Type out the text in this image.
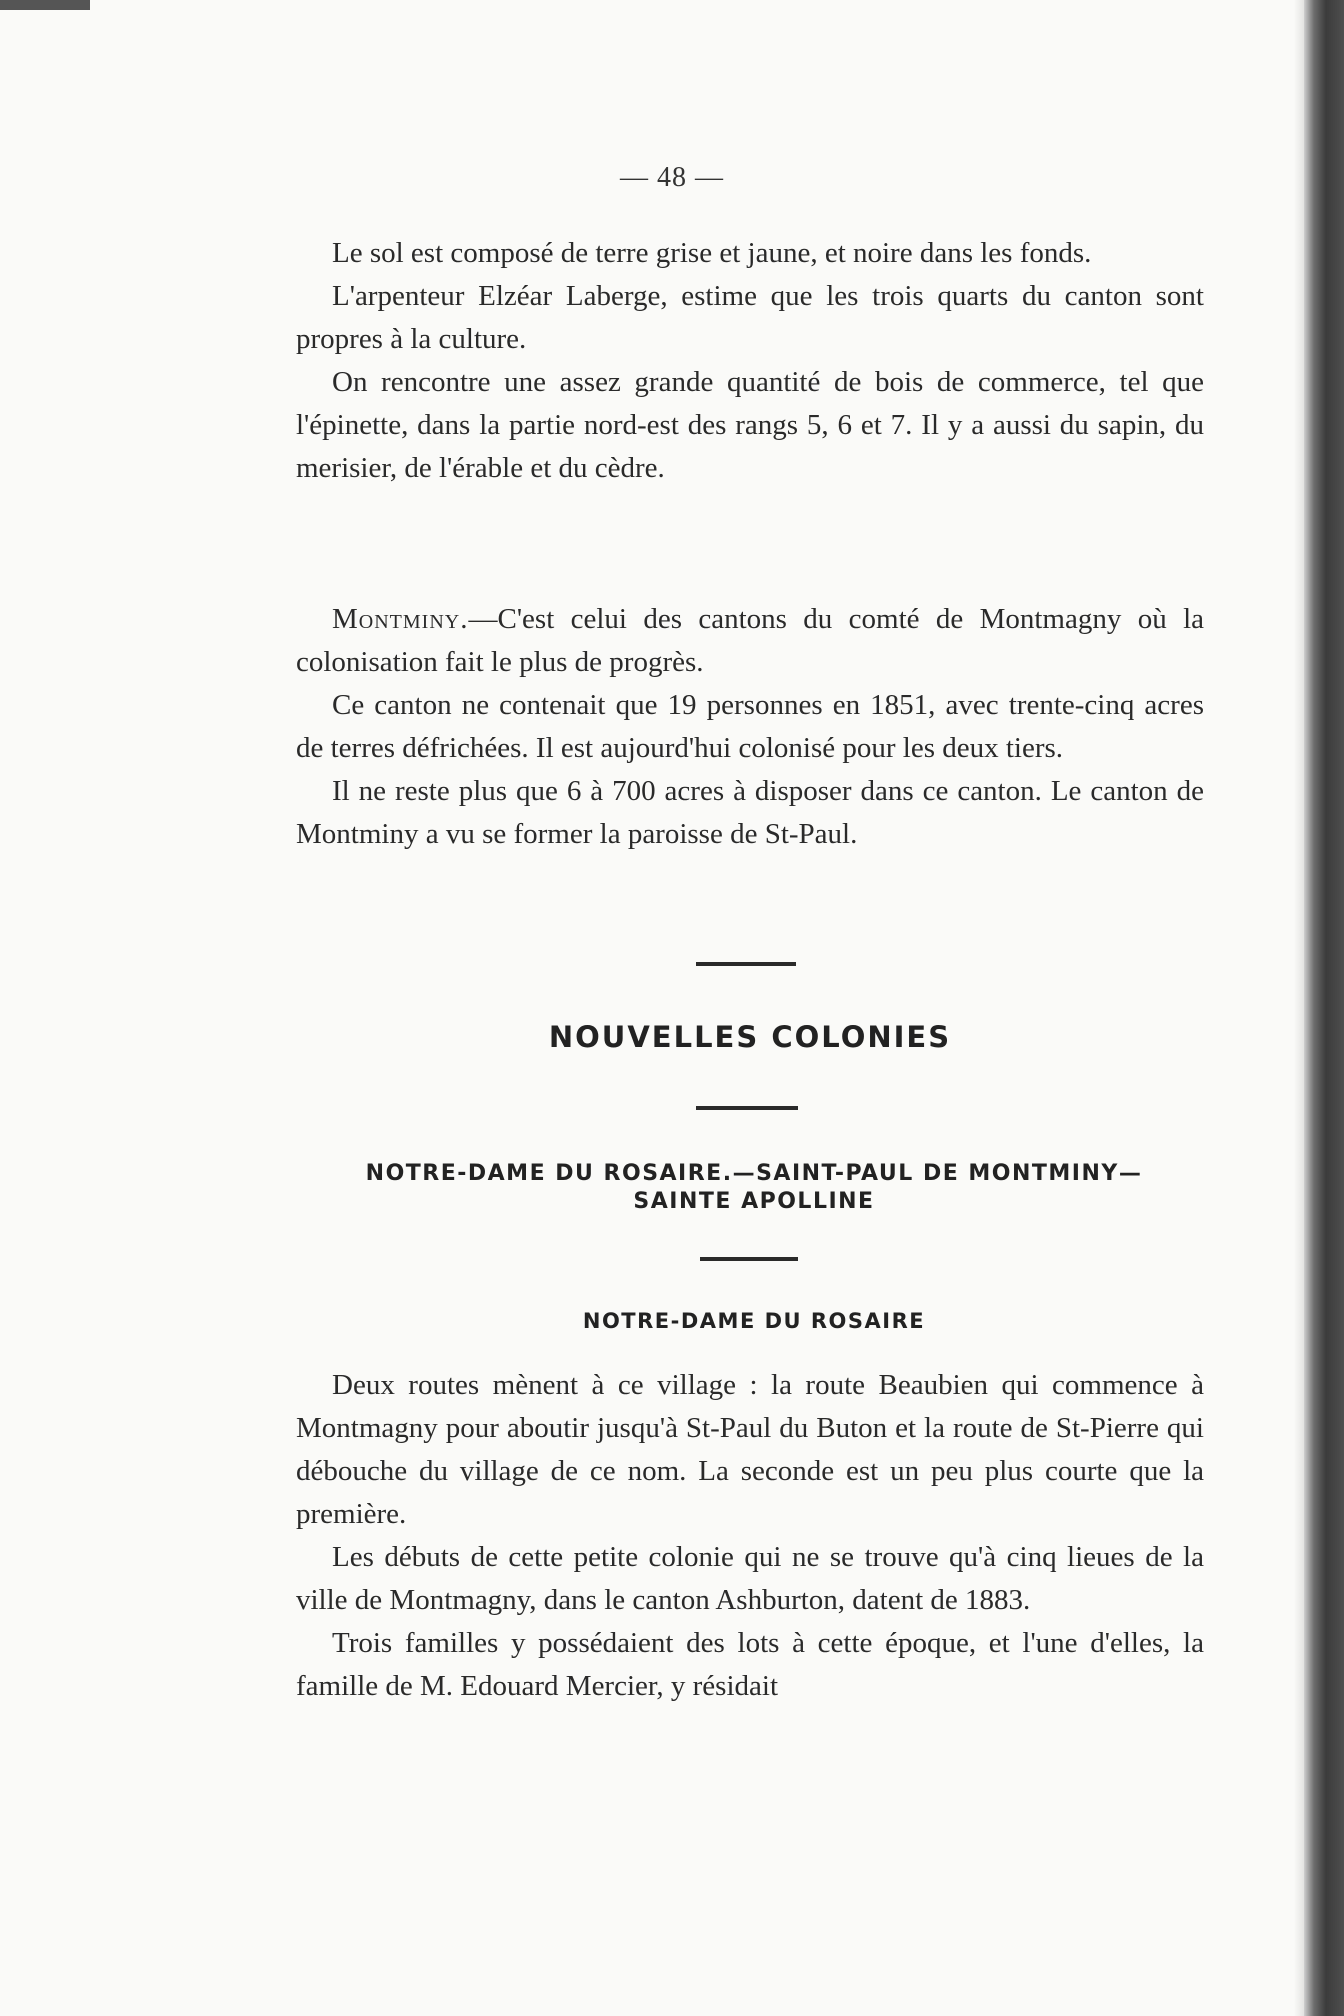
— 48 —

Le sol est composé de terre grise et jaune, et noire dans les fonds.

L'arpenteur Elzéar Laberge, estime que les trois quarts du canton sont propres à la culture.

On rencontre une assez grande quantité de bois de commerce, tel que l'épinette, dans la partie nord-est des rangs 5, 6 et 7. Il y a aussi du sapin, du merisier, de l'érable et du cèdre.

Montminy.—C'est celui des cantons du comté de Montmagny où la colonisation fait le plus de progrès.

Ce canton ne contenait que 19 personnes en 1851, avec trente-cinq acres de terres défrichées. Il est aujourd'hui colonisé pour les deux tiers.

Il ne reste plus que 6 à 700 acres à disposer dans ce canton. Le canton de Montminy a vu se former la paroisse de St-Paul.

NOUVELLES COLONIES
NOTRE-DAME DU ROSAIRE.—SAINT-PAUL DE MONTMINY—
SAINTE APOLLINE
NOTRE-DAME DU ROSAIRE

Deux routes mènent à ce village : la route Beaubien qui commence à Montmagny pour aboutir jusqu'à St-Paul du Buton et la route de St-Pierre qui débouche du village de ce nom. La seconde est un peu plus courte que la première.

Les débuts de cette petite colonie qui ne se trouve qu'à cinq lieues de la ville de Montmagny, dans le canton Ashburton, datent de 1883.

Trois familles y possédaient des lots à cette époque, et l'une d'elles, la famille de M. Edouard Mercier, y résidait
